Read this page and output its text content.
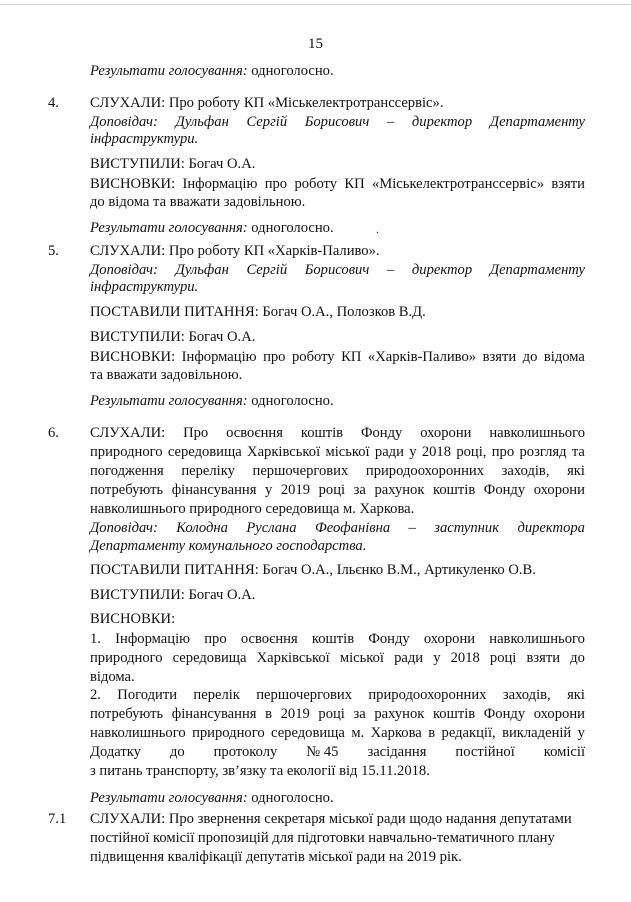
15
Результати голосування: одноголосно.
4. СЛУХАЛИ: Про роботу КП «Міськелектротранссервіс».
Доповідач: Дульфан Сергій Борисович – директор Департаменту
інфраструктури.
ВИСТУПИЛИ: Богач О.А.
ВИСНОВКИ: Інформацію про роботу КП «Міськелектротранссервіс» взяти
до відома та вважати задовільною.
Результати голосування: одноголосно.
5. СЛУХАЛИ: Про роботу КП «Харків-Паливо».
Доповідач: Дульфан Сергій Борисович – директор Департаменту
інфраструктури.
ПОСТАВИЛИ ПИТАННЯ: Богач О.А., Полозков В.Д.
ВИСТУПИЛИ: Богач О.А.
ВИСНОВКИ: Інформацію про роботу КП «Харків-Паливо» взяти до відома
та вважати задовільною.
Результати голосування: одноголосно.
6. СЛУХАЛИ: Про освоєння коштів Фонду охорони навколишнього
природного середовища Харківської міської ради у 2018 році, про розгляд та
погодження переліку першочергових природоохоронних заходів, які
потребують фінансування у 2019 році за рахунок коштів Фонду охорони
навколишнього природного середовища м. Харкова.
Доповідач: Колодна Руслана Феофанівна – заступник директора
Департаменту комунального господарства.
ПОСТАВИЛИ ПИТАННЯ: Богач О.А., Ільєнко В.М., Артикуленко О.В.
ВИСТУПИЛИ: Богач О.А.
ВИСНОВКИ:
1. Інформацію про освоєння коштів Фонду охорони навколишнього
природного середовища Харківської міської ради у 2018 році взяти до
відома.
2. Погодити перелік першочергових природоохоронних заходів, які
потребують фінансування в 2019 році за рахунок коштів Фонду охорони
навколишнього природного середовища м. Харкова в редакції, викладеній у
Додатку до протоколу № 45 засідання постійної комісії
з питань транспорту, зв’язку та екології від 15.11.2018.
Результати голосування: одноголосно.
7.1 СЛУХАЛИ: Про звернення секретаря міської ради щодо надання депутатами
постійної комісії пропозицій для підготовки навчально-тематичного плану
підвищення кваліфікації депутатів міської ради на 2019 рік.
.
